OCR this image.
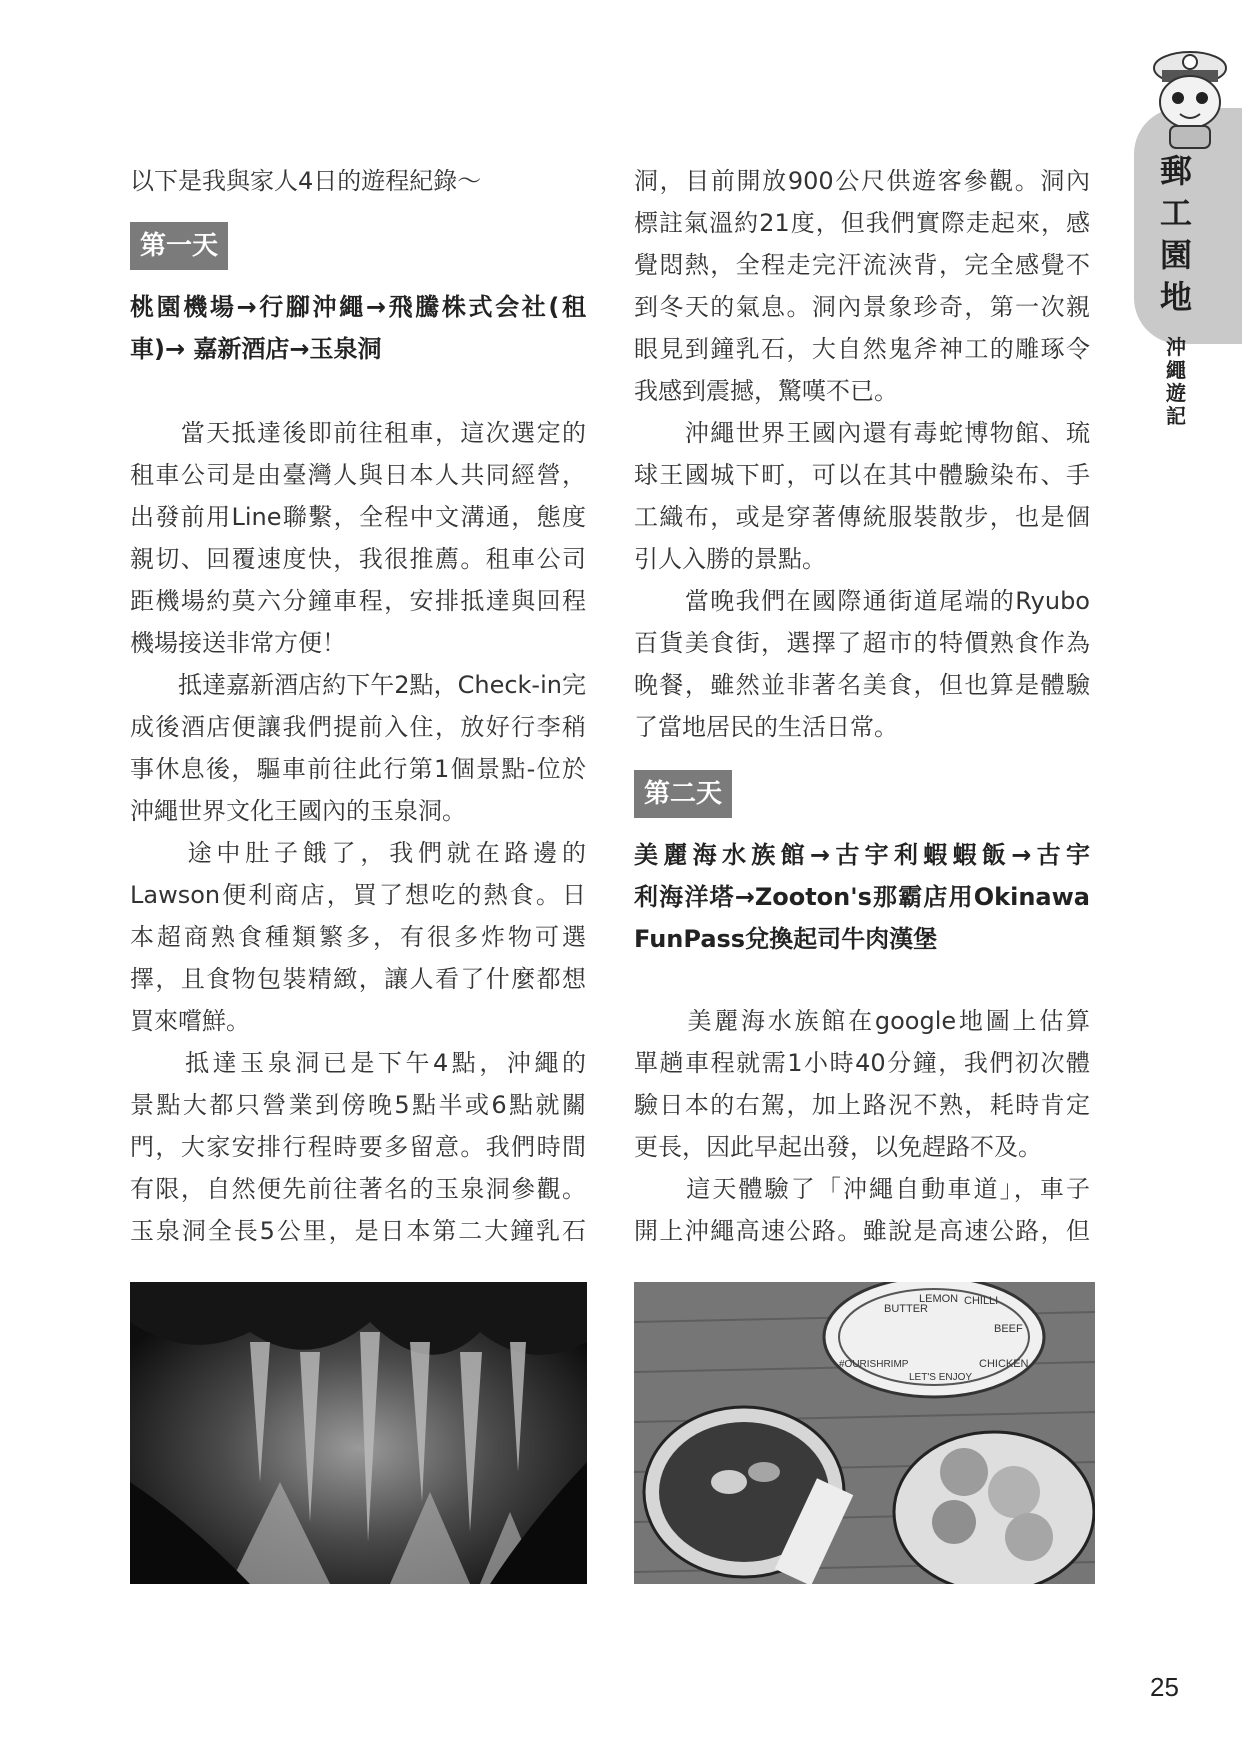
郵工園地
沖繩遊記
以下是我與家人4日的遊程紀錄～
第一天
桃園機場→行腳沖繩→飛騰株式会社(租
車)→ 嘉新酒店→玉泉洞
　　當天抵達後即前往租車，這次選定的
租車公司是由臺灣人與日本人共同經營，
出發前用Line聯繫，全程中文溝通，態度
親切、回覆速度快，我很推薦。租車公司
距機場約莫六分鐘車程，安排抵達與回程
機場接送非常方便！
　　抵達嘉新酒店約下午2點，Check-in完
成後酒店便讓我們提前入住，放好行李稍
事休息後，驅車前往此行第1個景點-位於
沖繩世界文化王國內的玉泉洞。
　　途中肚子餓了，我們就在路邊的
Lawson便利商店，買了想吃的熱食。日
本超商熟食種類繁多，有很多炸物可選
擇，且食物包裝精緻，讓人看了什麼都想
買來嚐鮮。
　　抵達玉泉洞已是下午4點，沖繩的
景點大都只營業到傍晚5點半或6點就關
門，大家安排行程時要多留意。我們時間
有限，自然便先前往著名的玉泉洞參觀。
玉泉洞全長5公里，是日本第二大鐘乳石
洞，目前開放900公尺供遊客參觀。洞內
標註氣溫約21度，但我們實際走起來，感
覺悶熱，全程走完汗流浹背，完全感覺不
到冬天的氣息。洞內景象珍奇，第一次親
眼見到鐘乳石，大自然鬼斧神工的雕琢令
我感到震撼，驚嘆不已。
　　沖繩世界王國內還有毒蛇博物館、琉
球王國城下町，可以在其中體驗染布、手
工織布，或是穿著傳統服裝散步，也是個
引人入勝的景點。
　　當晚我們在國際通街道尾端的Ryubo
百貨美食街，選擇了超市的特價熟食作為
晚餐，雖然並非著名美食，但也算是體驗
了當地居民的生活日常。
第二天
美麗海水族館→古宇利蝦蝦飯→古宇
利海洋塔→Zooton's那霸店用Okinawa
FunPass兌換起司牛肉漢堡
　　美麗海水族館在google地圖上估算
單趟車程就需1小時40分鐘，我們初次體
驗日本的右駕，加上路況不熟，耗時肯定
更長，因此早起出發，以免趕路不及。
　　這天體驗了「沖繩自動車道」，車子
開上沖繩高速公路。雖說是高速公路，但
BUTTER
LEMON CHILLI
BEEF
CHICKEN
#OURISHRIMP
LET'S ENJOY
25
